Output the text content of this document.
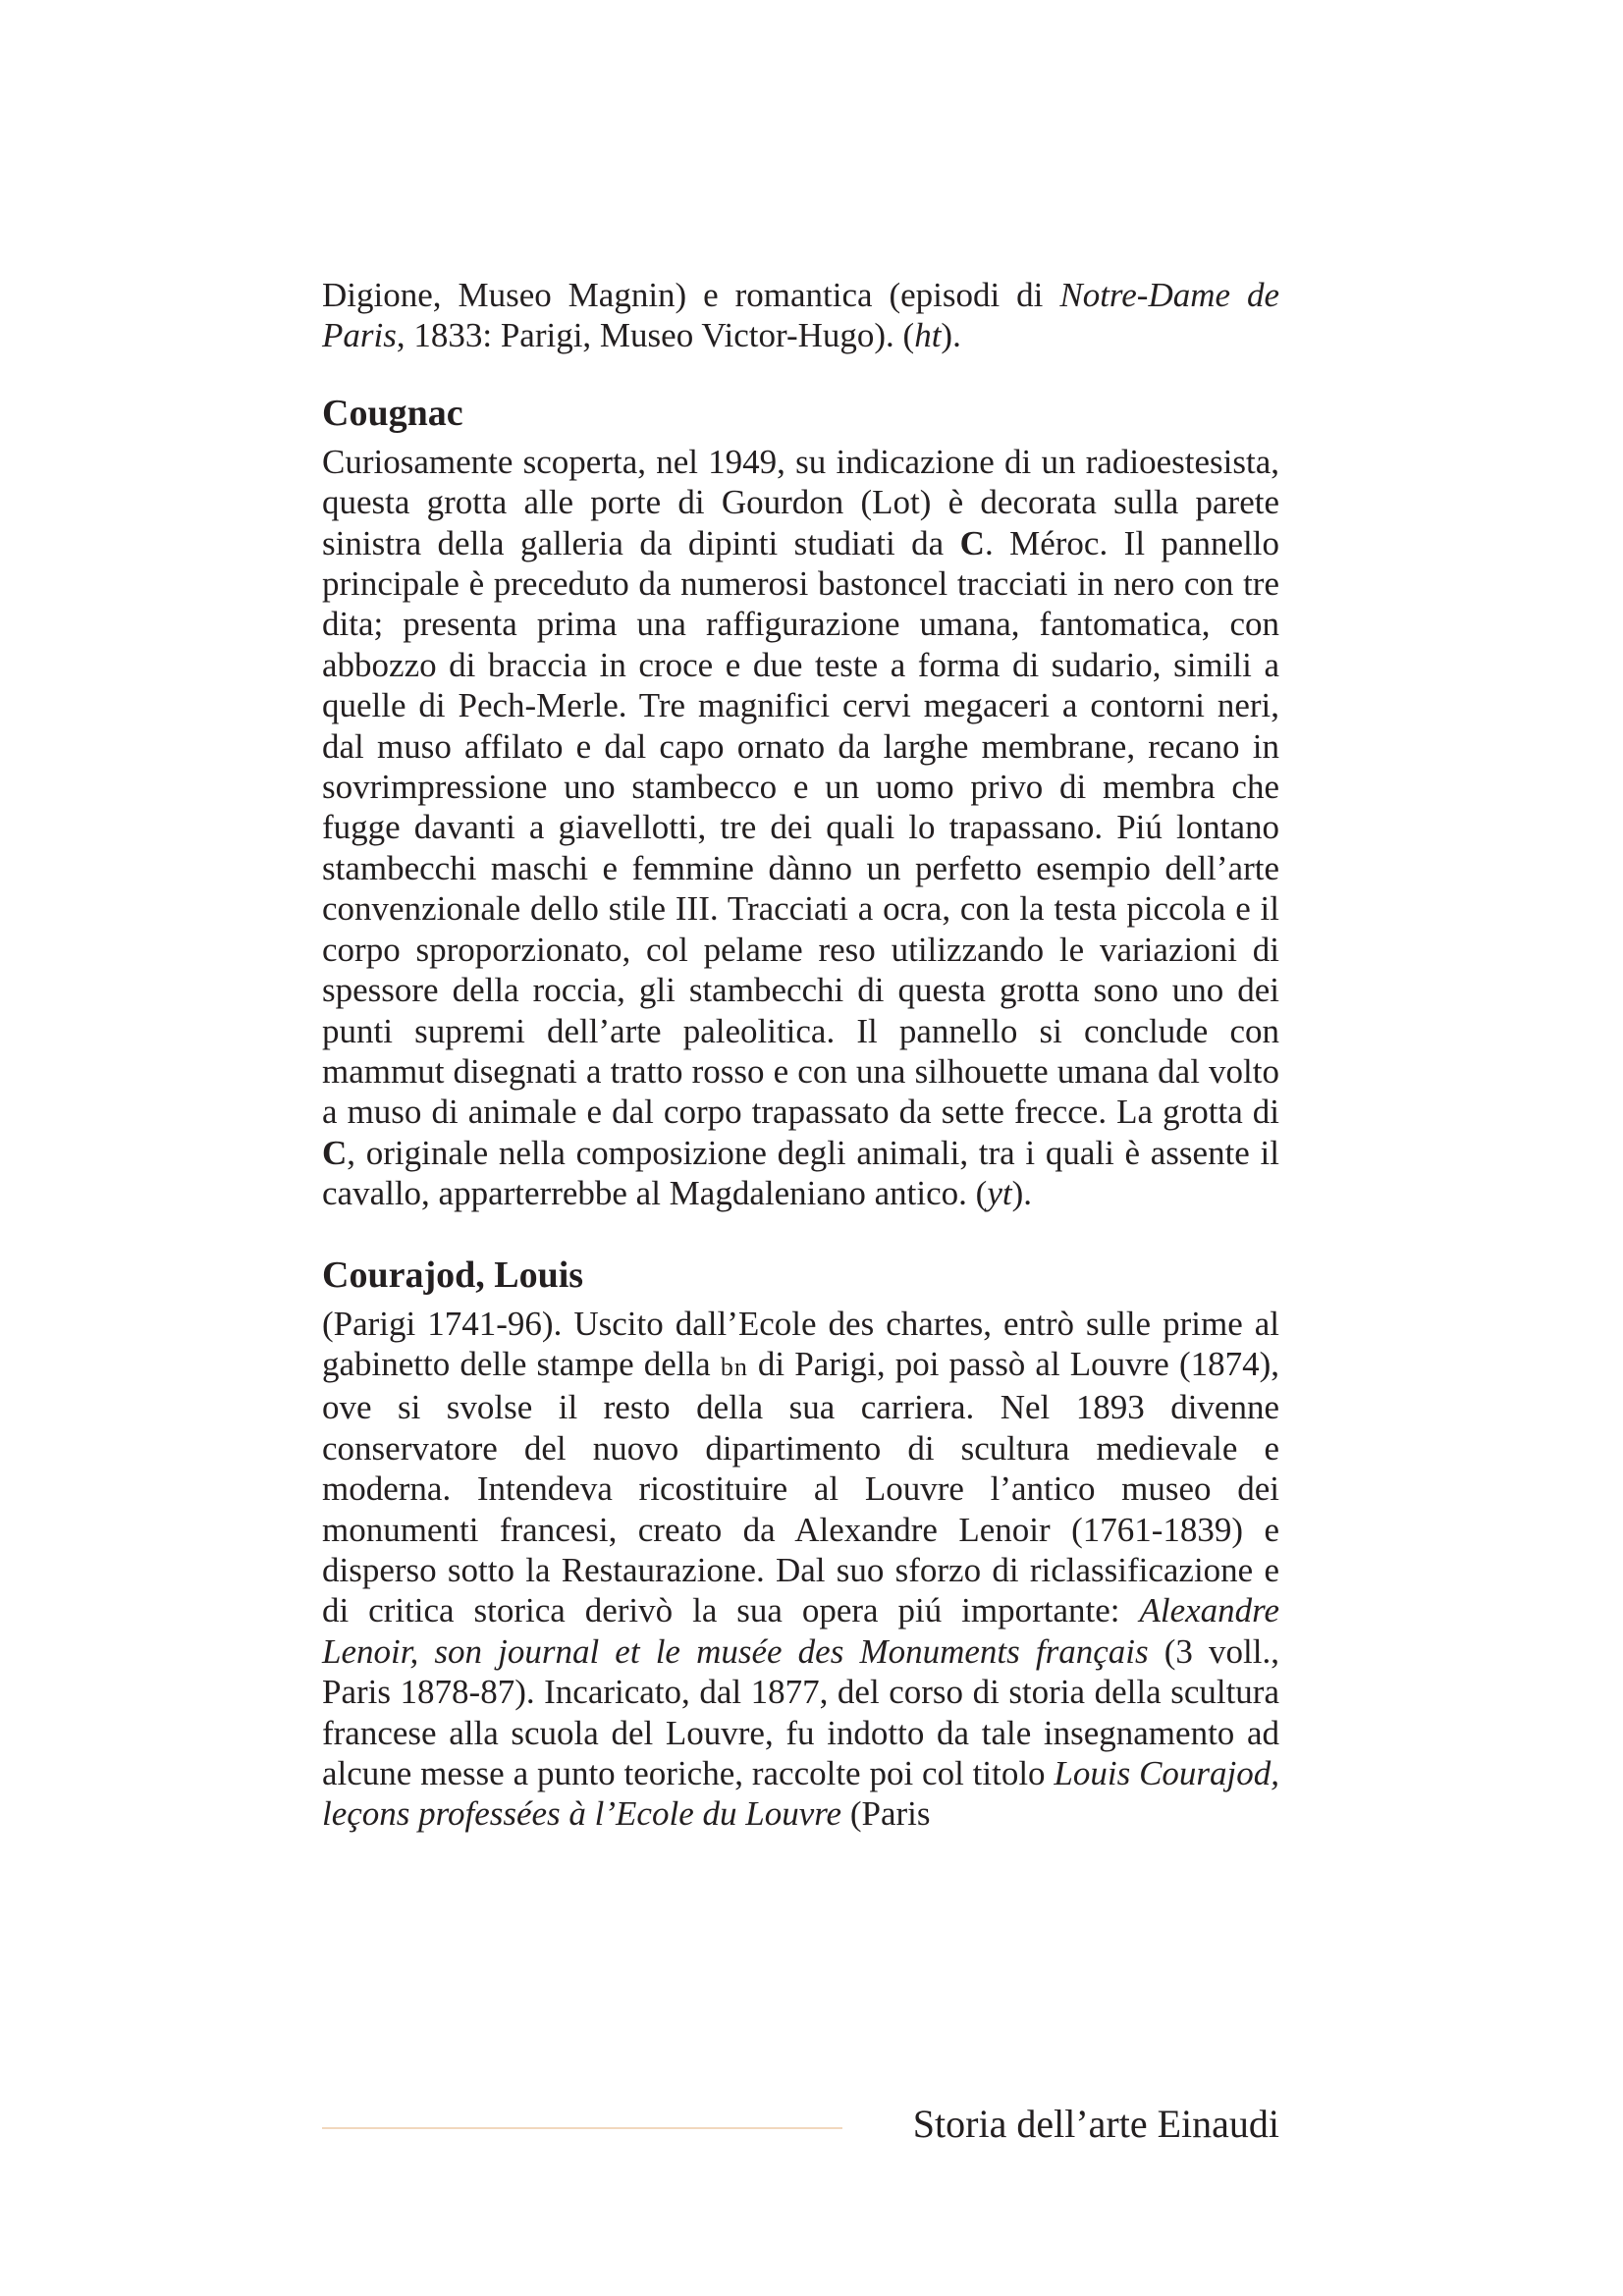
Digione, Museo Magnin) e romantica (episodi di Notre-Dame de Paris, 1833: Parigi, Museo Victor-Hugo). (ht).

Cougnac

Curiosamente scoperta, nel 1949, su indicazione di un radioestesista, questa grotta alle porte di Gourdon (Lot) è decorata sulla parete sinistra della galleria da dipinti studiati da C. Méroc. Il pannello principale è preceduto da numerosi bastoncel tracciati in nero con tre dita; presenta prima una raffigurazione umana, fantomatica, con abbozzo di braccia in croce e due teste a forma di sudario, simili a quelle di Pech-Merle. Tre magnifici cervi megaceri a contorni neri, dal muso affilato e dal capo ornato da larghe membrane, recano in sovrimpressione uno stambecco e un uomo privo di membra che fugge davanti a giavellotti, tre dei quali lo trapassano. Piú lontano stambecchi maschi e femmine dànno un perfetto esempio dell’arte convenzionale dello stile III. Tracciati a ocra, con la testa piccola e il corpo sproporzionato, col pelame reso utilizzando le variazioni di spessore della roccia, gli stambecchi di questa grotta sono uno dei punti supremi dell’arte paleolitica. Il pannello si conclude con mammut disegnati a tratto rosso e con una silhouette umana dal volto a muso di animale e dal corpo trapassato da sette frecce. La grotta di C, originale nella composizione degli animali, tra i quali è assente il cavallo, apparterrebbe al Magdaleniano antico. (yt).

Courajod, Louis

(Parigi 1741-96). Uscito dall’Ecole des chartes, entrò sulle prime al gabinetto delle stampe della bn di Parigi, poi passò al Louvre (1874), ove si svolse il resto della sua carriera. Nel 1893 divenne conservatore del nuovo dipartimento di scultura medievale e moderna. Intendeva ricostituire al Louvre l’antico museo dei monumenti francesi, creato da Alexandre Lenoir (1761-1839) e disperso sotto la Restaurazione. Dal suo sforzo di riclassificazione e di critica storica derivò la sua opera piú importante: Alexandre Lenoir, son journal et le musée des Monuments français (3 voll., Paris 1878-87). Incaricato, dal 1877, del corso di storia della scultura francese alla scuola del Louvre, fu indotto da tale insegnamento ad alcune messe a punto teoriche, raccolte poi col titolo Louis Courajod, leçons professées à l’Ecole du Louvre (Paris

Storia dell’arte Einaudi
